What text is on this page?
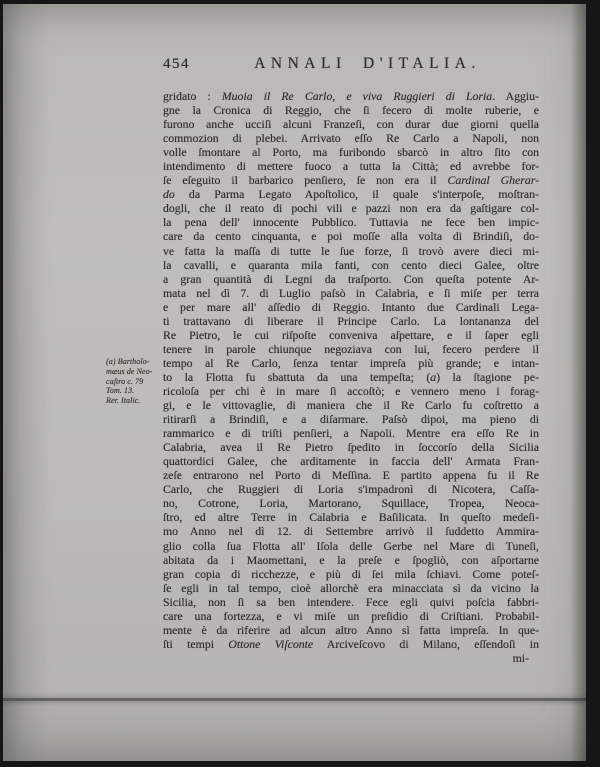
454	ANNALI D'ITALIA.
(a) Bartholo-
mæus de Neo-
caſtro c. 79
Tom. 13.
Rer. Italic.
gridato : Muoia il Re Carlo, e viva Ruggieri di Loria. Aggiu-
gne la Cronica di Reggio, che ſi fecero di molte ruberie, e
furono anche ucciſi alcuni Franzeſi, con durar due giorni quella
commozion di plebei. Arrivato eſſo Re Carlo a Napoli, non
volle ſmontare al Porto, ma furibondo sbarcò in altro ſito con
intendimento di mettere fuoco a tutta la Città; ed avrebbe for-
ſe eſeguito il barbarico penſiero, ſe non era il Cardinal Gherar-
do da Parma Legato Apoſtolico, il quale s'interpoſe, moſtran-
dogli, che il reato di pochi vili e pazzi non era da gaſtigare col-
la pena dell' innocente Pubblico. Tuttavia ne fece ben impic-
care da cento cinquanta, e poi moſſe alla volta di Brindiſi, do-
ve fatta la maſſa di tutte le ſue forze, ſi trovò avere dieci mi-
la cavalli, e quaranta mila fanti, con cento dieci Galee, oltre
a gran quantità di Legni da traſporto. Con queſta potente Ar-
mata nel dì 7. di Luglio paſsò in Calabria, e ſi miſe per terra
e per mare all' aſſedio di Reggio. Intanto due Cardinali Lega-
ti trattavano di liberare il Principe Carlo. La lontananza del
Re Pietro, le cui riſpoſte conveniva aſpettare, e il ſaper egli
tenere in parole chiunque negoziava con lui, fecero perdere il
tempo al Re Carlo, ſenza tentar impreſa più grande; e intan-
to la Flotta fu sbattuta da una tempeſta; (a) la ſtagione pe-
ricoloſa per chi è in mare ſi accoſtò; e vennero meno i forag-
gi, e le vittovaglie, di maniera che il Re Carlo fu coſtretto a
ritirarſi a Brindiſi, e a diſarmare. Paſsò dipoi, ma pieno di
rammarico e di triſti penſieri, a Napoli. Mentre era eſſo Re in
Calabria, avea il Re Pietro ſpedito in ſoccorſo della Sicilia
quattordici Galee, che arditamente in faccia dell' Armata Fran-
zeſe entrarono nel Porto di Meſſina. E partito appena fu il Re
Carlo, che Ruggieri di Loria s'impadronì di Nicotera, Caſſa-
no, Cotrone, Loria, Martorano, Squillace, Tropea, Neoca-
ſtro, ed altre Terre in Calabria e Baſilicata. In queſto medeſi-
mo Anno nel dì 12. di Settembre arrivò il ſuddetto Ammira-
glio colla ſua Flotta all' Iſola delle Gerbe nel Mare di Tuneſi,
abitata da i Maomettani, e la preſe e ſpogliò, con aſportarne
gran copia di ricchezze, e più di ſei mila ſchiavi. Come poteſ-
ſe egli in tal tempo, cioè allorchè era minacciata sì da vicino la
Sicilia, non ſi sa ben intendere. Fece egli quivi poſcia fabbri-
care una fortezza, e vi miſe un preſidio di Criſtiani. Probabil-
mente è da riferire ad alcun altro Anno sì fatta impreſa. In que-
ſti tempi Ottone Viſconte Arciveſcovo di Milano, eſſendoſi in
mi-
